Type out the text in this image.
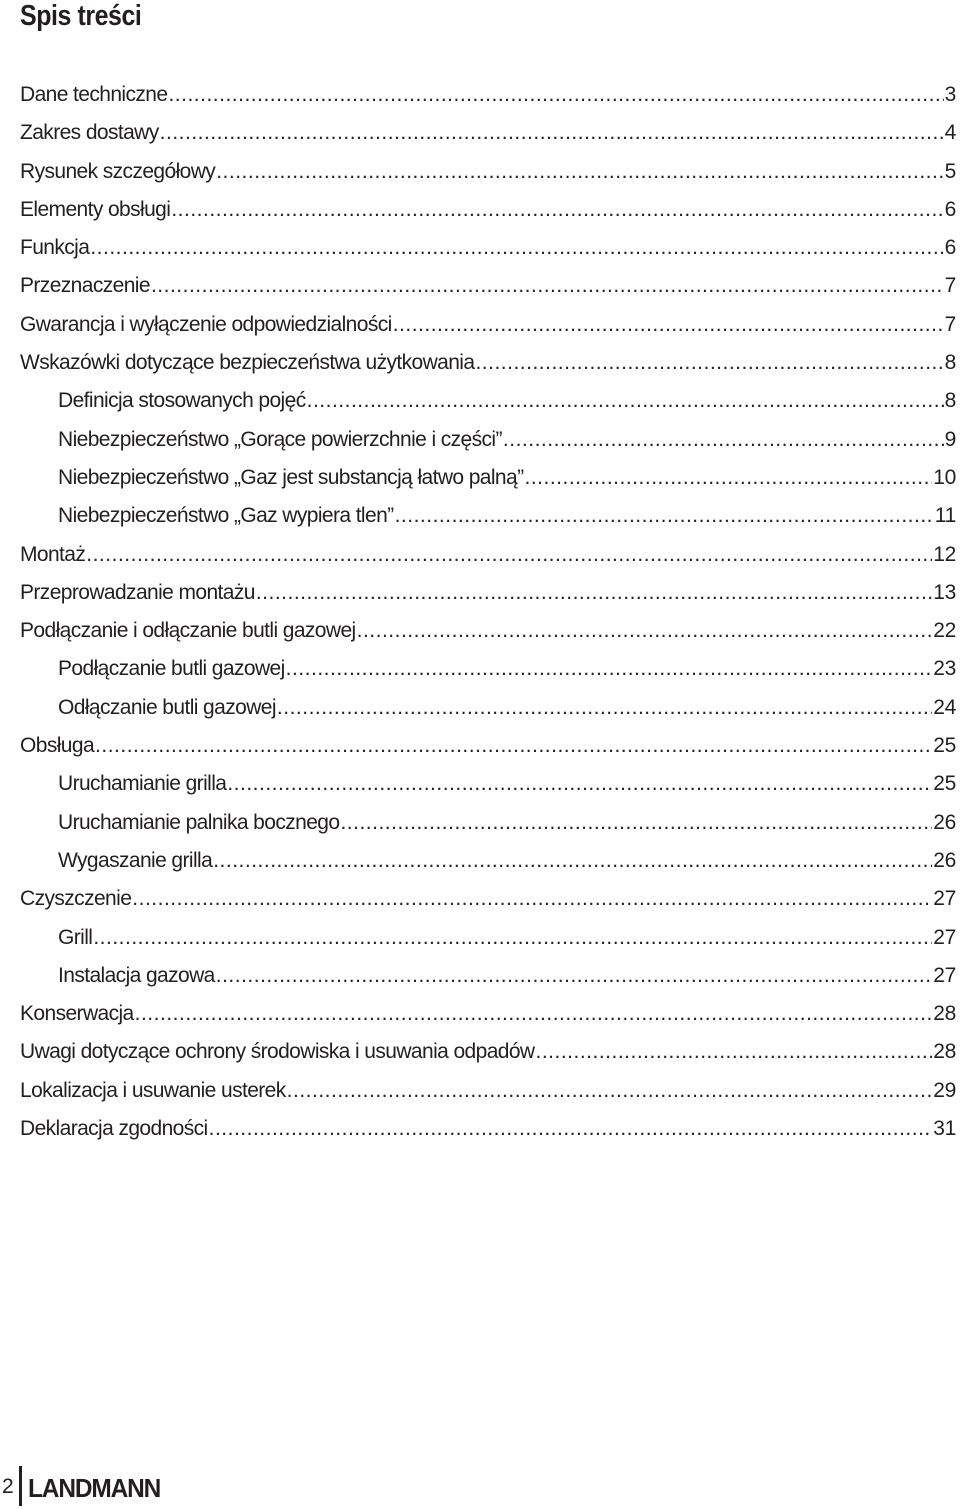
Spis treści
Dane techniczne .....	3
Zakres dostawy .....	4
Rysunek szczegółowy .....	5
Elementy obsługi .....	6
Funkcja .....	6
Przeznaczenie .....	7
Gwarancja i wyłączenie odpowiedzialności .....	7
Wskazówki dotyczące bezpieczeństwa użytkowania .....	8
Definicja stosowanych pojęć .....	8
Niebezpieczeństwo „Gorące powierzchnie i części” .....	9
Niebezpieczeństwo „Gaz jest substancją łatwo palną” .....	10
Niebezpieczeństwo „Gaz wypiera tlen” .....	11
Montaż .....	12
Przeprowadzanie montażu .....	13
Podłączanie i odłączanie butli gazowej .....	22
Podłączanie butli gazowej .....	23
Odłączanie butli gazowej .....	24
Obsługa .....	25
Uruchamianie grilla .....	25
Uruchamianie palnika bocznego .....	26
Wygaszanie grilla .....	26
Czyszczenie .....	27
Grill .....	27
Instalacja gazowa .....	27
Konserwacja .....	28
Uwagi dotyczące ochrony środowiska i usuwania odpadów .....	28
Lokalizacja i usuwanie usterek .....	29
Deklaracja zgodności .....	31
2 LANDMANN
